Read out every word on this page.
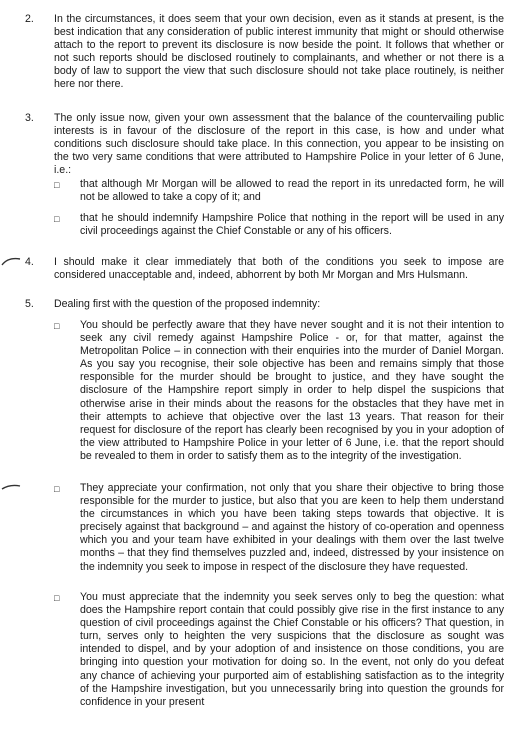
2.	In the circumstances, it does seem that your own decision, even as it stands at present, is the best indication that any consideration of public interest immunity that might or should otherwise attach to the report to prevent its disclosure is now beside the point. It follows that whether or not such reports should be disclosed routinely to complainants, and whether or not there is a body of law to support the view that such disclosure should not take place routinely, is neither here nor there.
3.	The only issue now, given your own assessment that the balance of the countervailing public interests is in favour of the disclosure of the report in this case, is how and under what conditions such disclosure should take place. In this connection, you appear to be insisting on the two very same conditions that were attributed to Hampshire Police in your letter of 6 June, i.e.:
□ that although Mr Morgan will be allowed to read the report in its unredacted form, he will not be allowed to take a copy of it; and
□ that he should indemnify Hampshire Police that nothing in the report will be used in any civil proceedings against the Chief Constable or any of his officers.
4.	I should make it clear immediately that both of the conditions you seek to impose are considered unacceptable and, indeed, abhorrent by both Mr Morgan and Mrs Hulsmann.
5.	Dealing first with the question of the proposed indemnity:
□ You should be perfectly aware that they have never sought and it is not their intention to seek any civil remedy against Hampshire Police - or, for that matter, against the Metropolitan Police – in connection with their enquiries into the murder of Daniel Morgan. As you say you recognise, their sole objective has been and remains simply that those responsible for the murder should be brought to justice, and they have sought the disclosure of the Hampshire report simply in order to help dispel the suspicions that otherwise arise in their minds about the reasons for the obstacles that they have met in their attempts to achieve that objective over the last 13 years. That reason for their request for disclosure of the report has clearly been recognised by you in your adoption of the view attributed to Hampshire Police in your letter of 6 June, i.e. that the report should be revealed to them in order to satisfy them as to the integrity of the investigation.
□ They appreciate your confirmation, not only that you share their objective to bring those responsible for the murder to justice, but also that you are keen to help them understand the circumstances in which you have been taking steps towards that objective. It is precisely against that background – and against the history of co-operation and openness which you and your team have exhibited in your dealings with them over the last twelve months – that they find themselves puzzled and, indeed, distressed by your insistence on the indemnity you seek to impose in respect of the disclosure they have requested.
□ You must appreciate that the indemnity you seek serves only to beg the question: what does the Hampshire report contain that could possibly give rise in the first instance to any question of civil proceedings against the Chief Constable or his officers? That question, in turn, serves only to heighten the very suspicions that the disclosure as sought was intended to dispel, and by your adoption of and insistence on those conditions, you are bringing into question your motivation for doing so. In the event, not only do you defeat any chance of achieving your purported aim of establishing satisfaction as to the integrity of the Hampshire investigation, but you unnecessarily bring into question the grounds for confidence in your present
